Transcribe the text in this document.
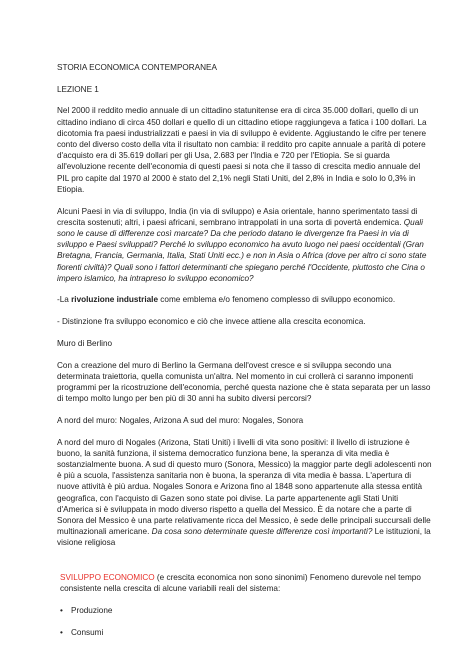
STORIA ECONOMICA CONTEMPORANEA

LEZIONE 1

Nel 2000 il reddito medio annuale di un cittadino statunitense era di circa 35.000 dollari, quello di un cittadino indiano di circa 450 dollari e quello di un cittadino etiope raggiungeva a fatica i 100 dollari. La dicotomia fra paesi industrializzati e paesi in via di sviluppo è evidente. Aggiustando le cifre per tenere conto del diverso costo della vita il risultato non cambia: il reddito pro capite annuale a parità di potere d'acquisto era di 35.619 dollari per gli Usa, 2.683 per l'India e 720 per l'Etiopia. Se si guarda all'evoluzione recente dell'economia di questi paesi si nota che il tasso di crescita medio annuale del PIL pro capite dal 1970 al 2000 è stato del 2,1% negli Stati Uniti, del 2,8% in India e solo lo 0,3% in Etiopia.

Alcuni Paesi in via di sviluppo, India (in via di sviluppo) e Asia orientale, hanno sperimentato tassi di crescita sostenuti; altri, i paesi africani, sembrano intrappolati in una sorta di povertà endemica. Quali sono le cause di differenze così marcate? Da che periodo datano le divergenze fra Paesi in via di sviluppo e Paesi sviluppati? Perché lo sviluppo economico ha avuto luogo nei paesi occidentali (Gran Bretagna, Francia, Germania, Italia, Stati Uniti ecc.) e non in Asia o Africa (dove per altro ci sono state fiorenti civiltà)? Quali sono i fattori determinanti che spiegano perché l'Occidente, piuttosto che Cina o impero islamico, ha intrapreso lo sviluppo economico?

-La rivoluzione industriale come emblema e/o fenomeno complesso di sviluppo economico.

- Distinzione fra sviluppo economico e ciò che invece attiene alla crescita economica.

Muro di Berlino

Con a creazione del muro di Berlino la Germana dell'ovest cresce e si sviluppa secondo una determinata traiettoria, quella comunista un'altra. Nel momento in cui crollerà ci saranno imponenti programmi per la ricostruzione dell'economia, perché questa nazione che è stata separata per un lasso di tempo molto lungo per ben più di 30 anni ha subito diversi percorsi?

A nord del muro: Nogales, Arizona A sud del muro: Nogales, Sonora

A nord del muro di Nogales (Arizona, Stati Uniti) i livelli di vita sono positivi: il livello di istruzione è buono, la sanità funziona, il sistema democratico funziona bene, la speranza di vita media è sostanzialmente buona. A sud di questo muro (Sonora, Messico) la maggior parte degli adolescenti non è più a scuola, l'assistenza sanitaria non è buona, la speranza di vita media è bassa. L'apertura di nuove attività è più ardua. Nogales Sonora e Arizona fino al 1848 sono appartenute alla stessa entità geografica, con l'acquisto di Gazen sono state poi divise. La parte appartenente agli Stati Uniti d'America si è sviluppata in modo diverso rispetto a quella del Messico. È da notare che a parte di Sonora del Messico è una parte relativamente ricca del Messico, è sede delle principali succursali delle multinazionali americane. Da cosa sono determinate queste differenze così importanti? Le istituzioni, la visione religiosa

SVILUPPO ECONOMICO (e crescita economica non sono sinonimi) Fenomeno durevole nel tempo consistente nella crescita di alcune variabili reali del sistema:

• Produzione
• Consumi
